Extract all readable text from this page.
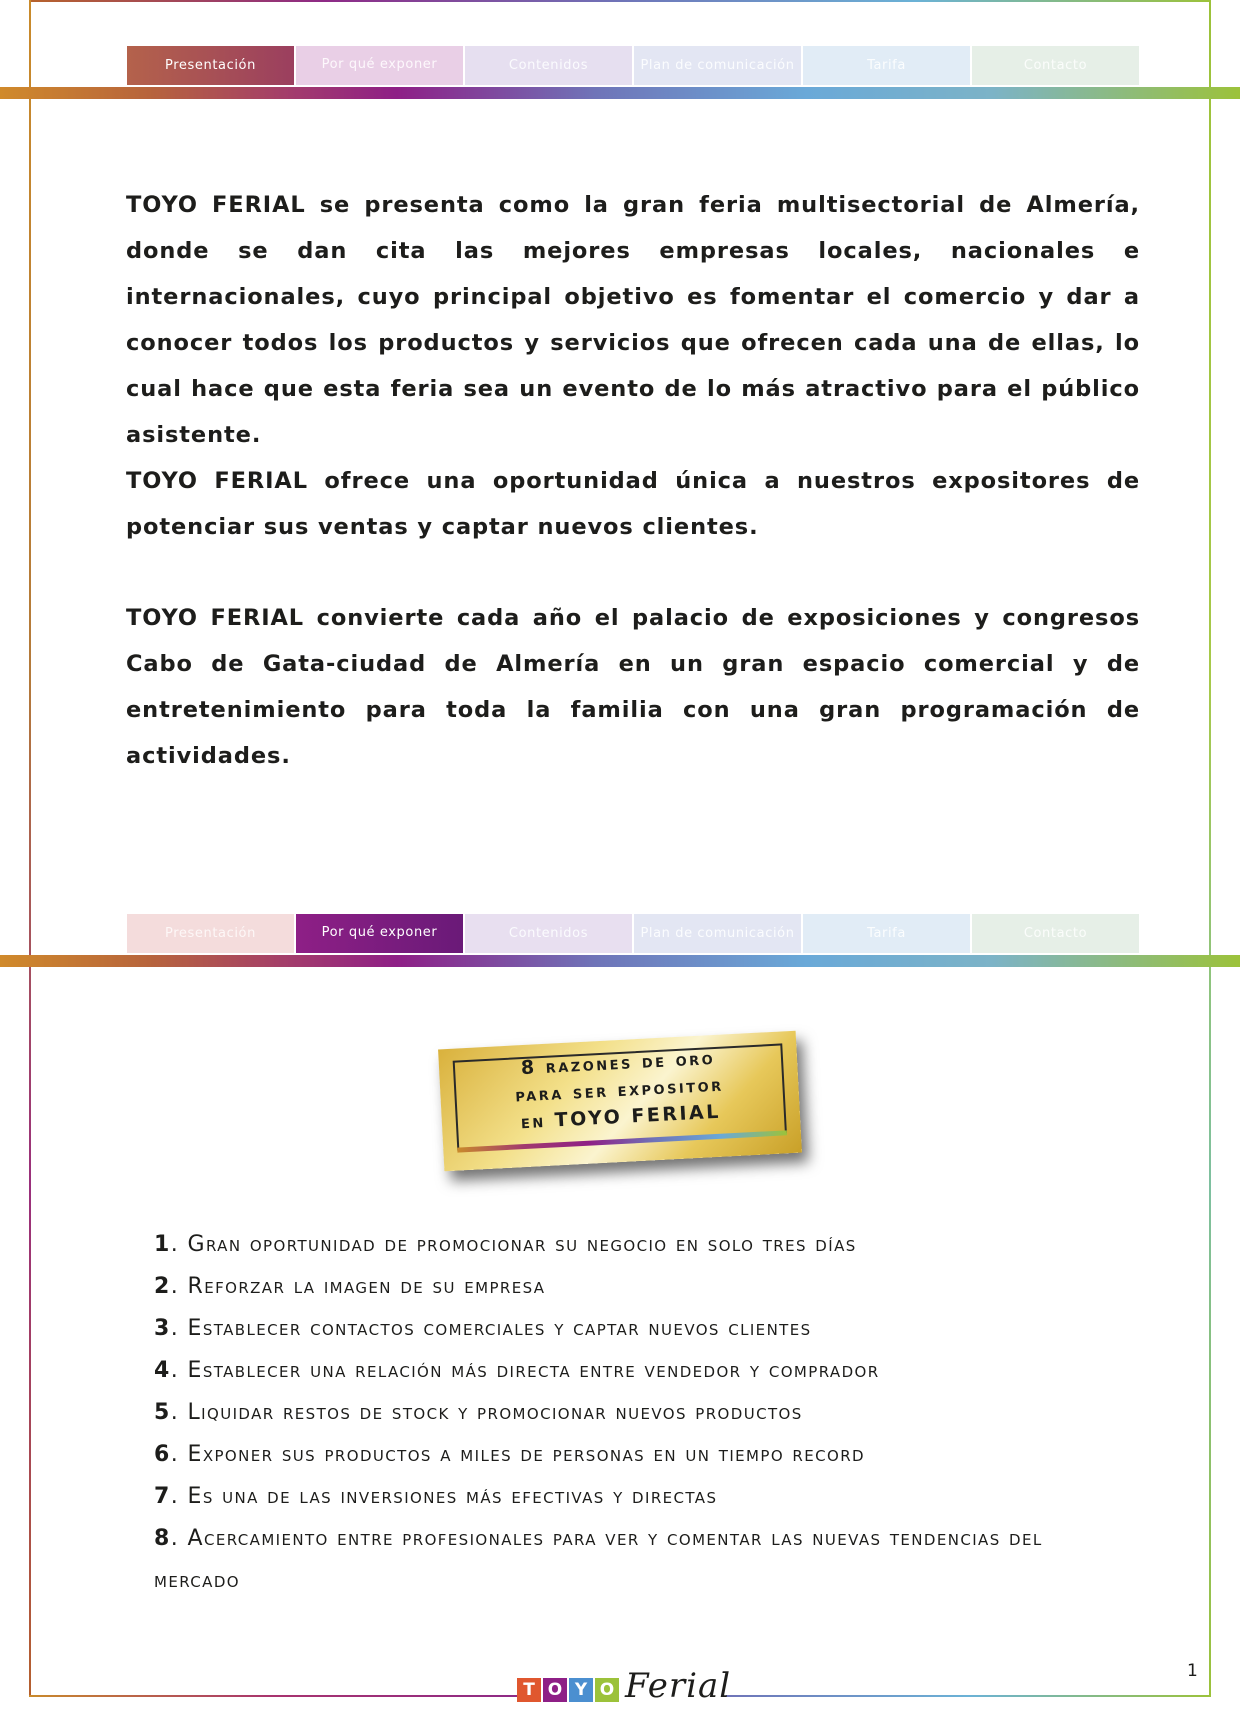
Presentación	Por qué exponer	Contenidos	Plan de comunicación	Tarifa	Contacto

TOYO FERIAL se presenta como la gran feria multisectorial de Almería, donde se dan cita las mejores empresas locales, nacionales e internacionales, cuyo principal objetivo es fomentar el comercio y dar a conocer todos los productos y servicios que ofrecen cada una de ellas, lo cual hace que esta feria sea un evento de lo más atractivo para el público asistente.

TOYO FERIAL ofrece una oportunidad única a nuestros expositores de potenciar sus ventas y captar nuevos clientes.

TOYO FERIAL convierte cada año el palacio de exposiciones y congresos Cabo de Gata-ciudad de Almería en un gran espacio comercial y de entretenimiento para toda la familia con una gran programación de actividades.

Presentación	Por qué exponer	Contenidos	Plan de comunicación	Tarifa	Contacto
8 razones de oro
para ser expositor
en TOYO FERIAL
1. Gran oportunidad de promocionar su negocio en solo tres días
2. Reforzar la imagen de su empresa
3. Establecer contactos comerciales y captar nuevos clientes
4. Establecer una relación más directa entre vendedor y comprador
5. Liquidar restos de stock y promocionar nuevos productos
6. Exponer sus productos a miles de personas en un tiempo record
7. Es una de las inversiones más efectivas y directas
8. Acercamiento entre profesionales para ver y comentar las nuevas tendencias del mercado
T O Y O Ferial	1
